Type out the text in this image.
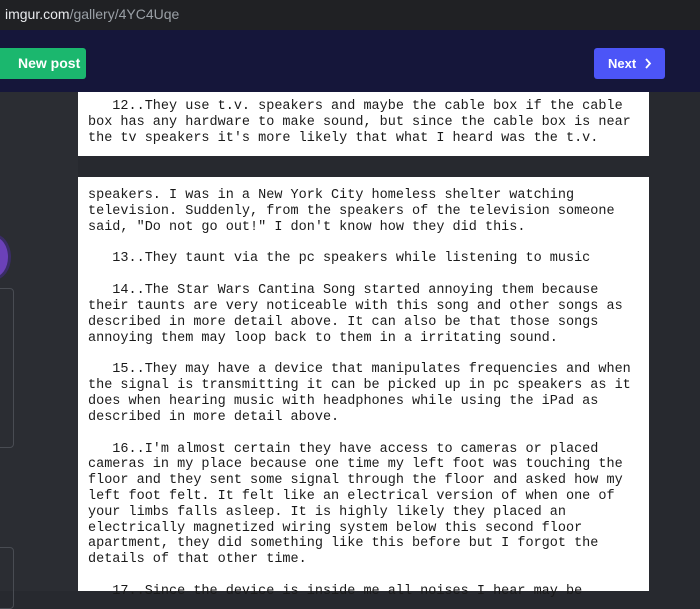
imgur.com/gallery/4YC4Uqe
New post	Next
12..They use t.v. speakers and maybe the cable box if the cable
box has any hardware to make sound, but since the cable box is near
the tv speakers it's more likely that what I heard was the t.v.
speakers. I was in a New York City homeless shelter watching
television. Suddenly, from the speakers of the television someone
said, "Do not go out!" I don't know how they did this.
13..They taunt via the pc speakers while listening to music
14..The Star Wars Cantina Song started annoying them because
their taunts are very noticeable with this song and other songs as
described in more detail above. It can also be that those songs
annoying them may loop back to them in a irritating sound.
15..They may have a device that manipulates frequencies and when
the signal is transmitting it can be picked up in pc speakers as it
does when hearing music with headphones while using the iPad as
described in more detail above.
16..I'm almost certain they have access to cameras or placed
cameras in my place because one time my left foot was touching the
floor and they sent some signal through the floor and asked how my
left foot felt. It felt like an electrical version of when one of
your limbs falls asleep. It is highly likely they placed an
electrically magnetized wiring system below this second floor
apartment, they did something like this before but I forgot the
details of that other time.
17..Since the device is inside me all noises I hear may be
